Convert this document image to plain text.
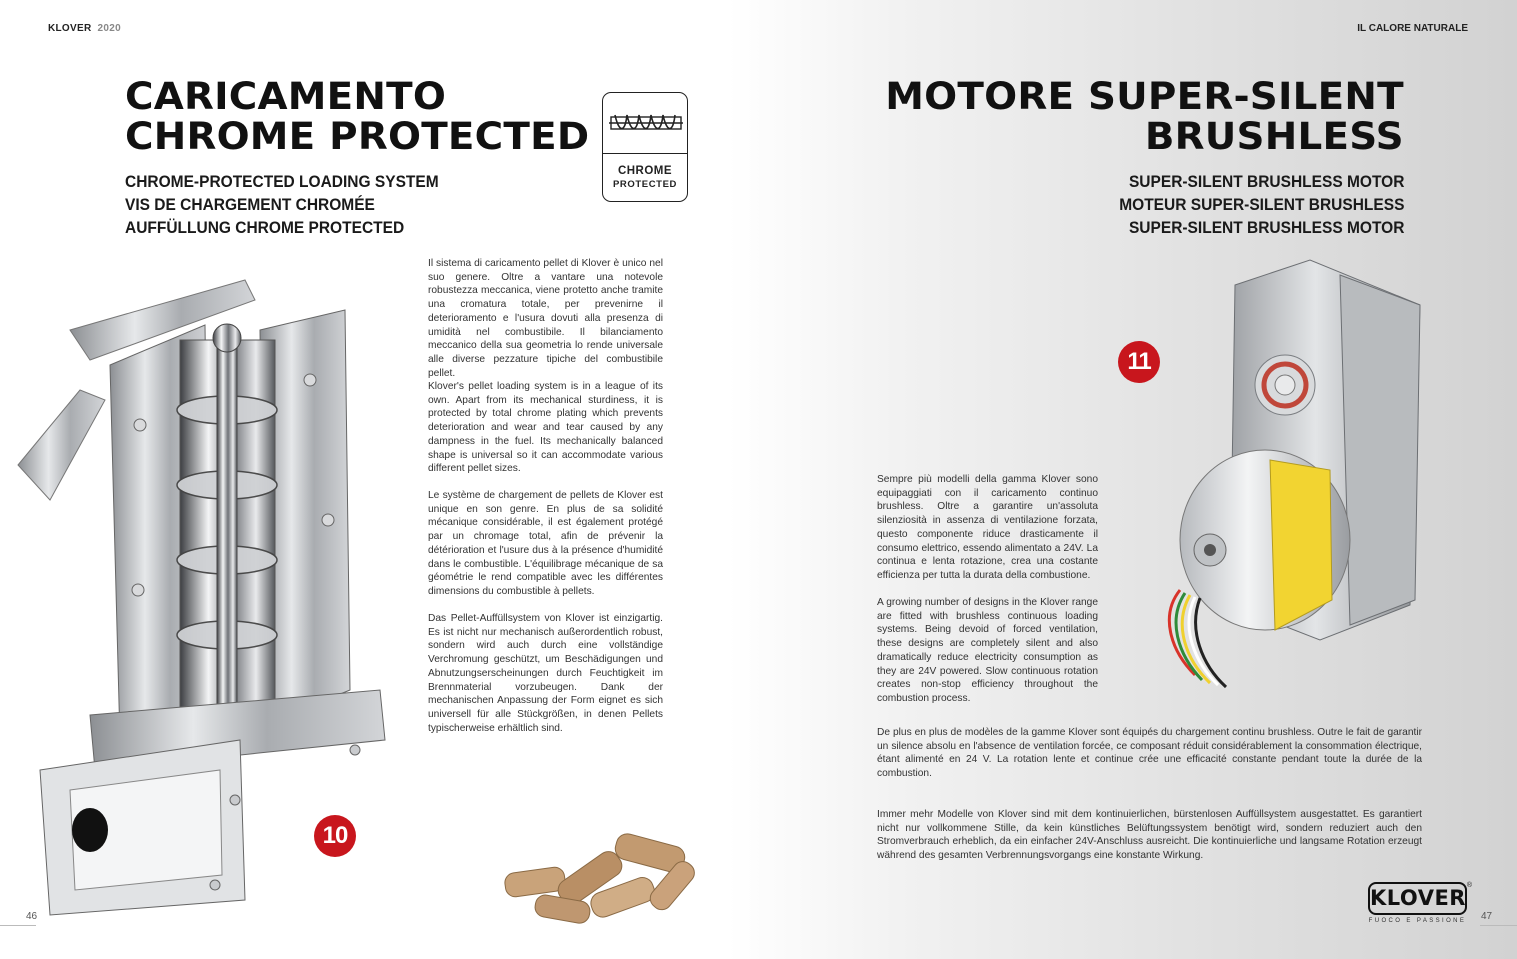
KLOVER 2020	IL CALORE NATURALE
CARICAMENTO
CHROME PROTECTED
CHROME-PROTECTED LOADING SYSTEM
VIS DE CHARGEMENT CHROMÉE
AUFFÜLLUNG CHROME PROTECTED
CHROME
PROTECTED
Il sistema di caricamento pellet di Klover è unico nel suo genere. Oltre a vantare una notevole robustezza meccanica, viene protetto anche tramite una cromatura totale, per prevenirne il deterioramento e l'usura dovuti alla presenza di umidità nel combustibile. Il bilanciamento meccanico della sua geometria lo rende universale alle diverse pezzature tipiche del combustibile pellet.
Klover's pellet loading system is in a league of its own. Apart from its mechanical sturdiness, it is protected by total chrome plating which prevents deterioration and wear and tear caused by any dampness in the fuel. Its mechanically balanced shape is universal so it can accommodate various different pellet sizes.
Le système de chargement de pellets de Klover est unique en son genre. En plus de sa solidité mécanique considérable, il est également protégé par un chromage total, afin de prévenir la détérioration et l'usure dus à la présence d'humidité dans le combustible. L'équilibrage mécanique de sa géométrie le rend compatible avec les différentes dimensions du combustible à pellets.
Das Pellet-Auffüllsystem von Klover ist einzigartig. Es ist nicht nur mechanisch außerordentlich robust, sondern wird auch durch eine vollständige Verchromung geschützt, um Beschädigungen und Abnutzungserscheinungen durch Feuchtigkeit im Brennmaterial vorzubeugen. Dank der mechanischen Anpassung der Form eignet es sich universell für alle Stückgrößen, in denen Pellets typischerweise erhältlich sind.
10
MOTORE SUPER-SILENT
BRUSHLESS
SUPER-SILENT BRUSHLESS MOTOR
MOTEUR SUPER-SILENT BRUSHLESS
SUPER-SILENT BRUSHLESS MOTOR
11
Sempre più modelli della gamma Klover sono equipaggiati con il caricamento continuo brushless. Oltre a garantire un'assoluta silenziosità in assenza di ventilazione forzata, questo componente riduce drasticamente il consumo elettrico, essendo alimentato a 24V. La continua e lenta rotazione, crea una costante efficienza per tutta la durata della combustione.
A growing number of designs in the Klover range are fitted with brushless continuous loading systems. Being devoid of forced ventilation, these designs are completely silent and also dramatically reduce electricity consumption as they are 24V powered. Slow continuous rotation creates non-stop efficiency throughout the combustion process.
De plus en plus de modèles de la gamme Klover sont équipés du chargement continu brushless. Outre le fait de garantir un silence absolu en l'absence de ventilation forcée, ce composant réduit considérablement la consommation électrique, étant alimenté en 24 V. La rotation lente et continue crée une efficacité constante pendant toute la durée de la combustion.
Immer mehr Modelle von Klover sind mit dem kontinuierlichen, bürstenlosen Auffüllsystem ausgestattet. Es garantiert nicht nur vollkommene Stille, da kein künstliches Belüftungssystem benötigt wird, sondern reduziert auch den Stromverbrauch erheblich, da ein einfacher 24V-Anschluss ausreicht. Die kontinuierliche und langsame Rotation erzeugt während des gesamten Verbrennungsvorgangs eine konstante Wirkung.
46	47
KLOVER
®
FUOCO E PASSIONE
